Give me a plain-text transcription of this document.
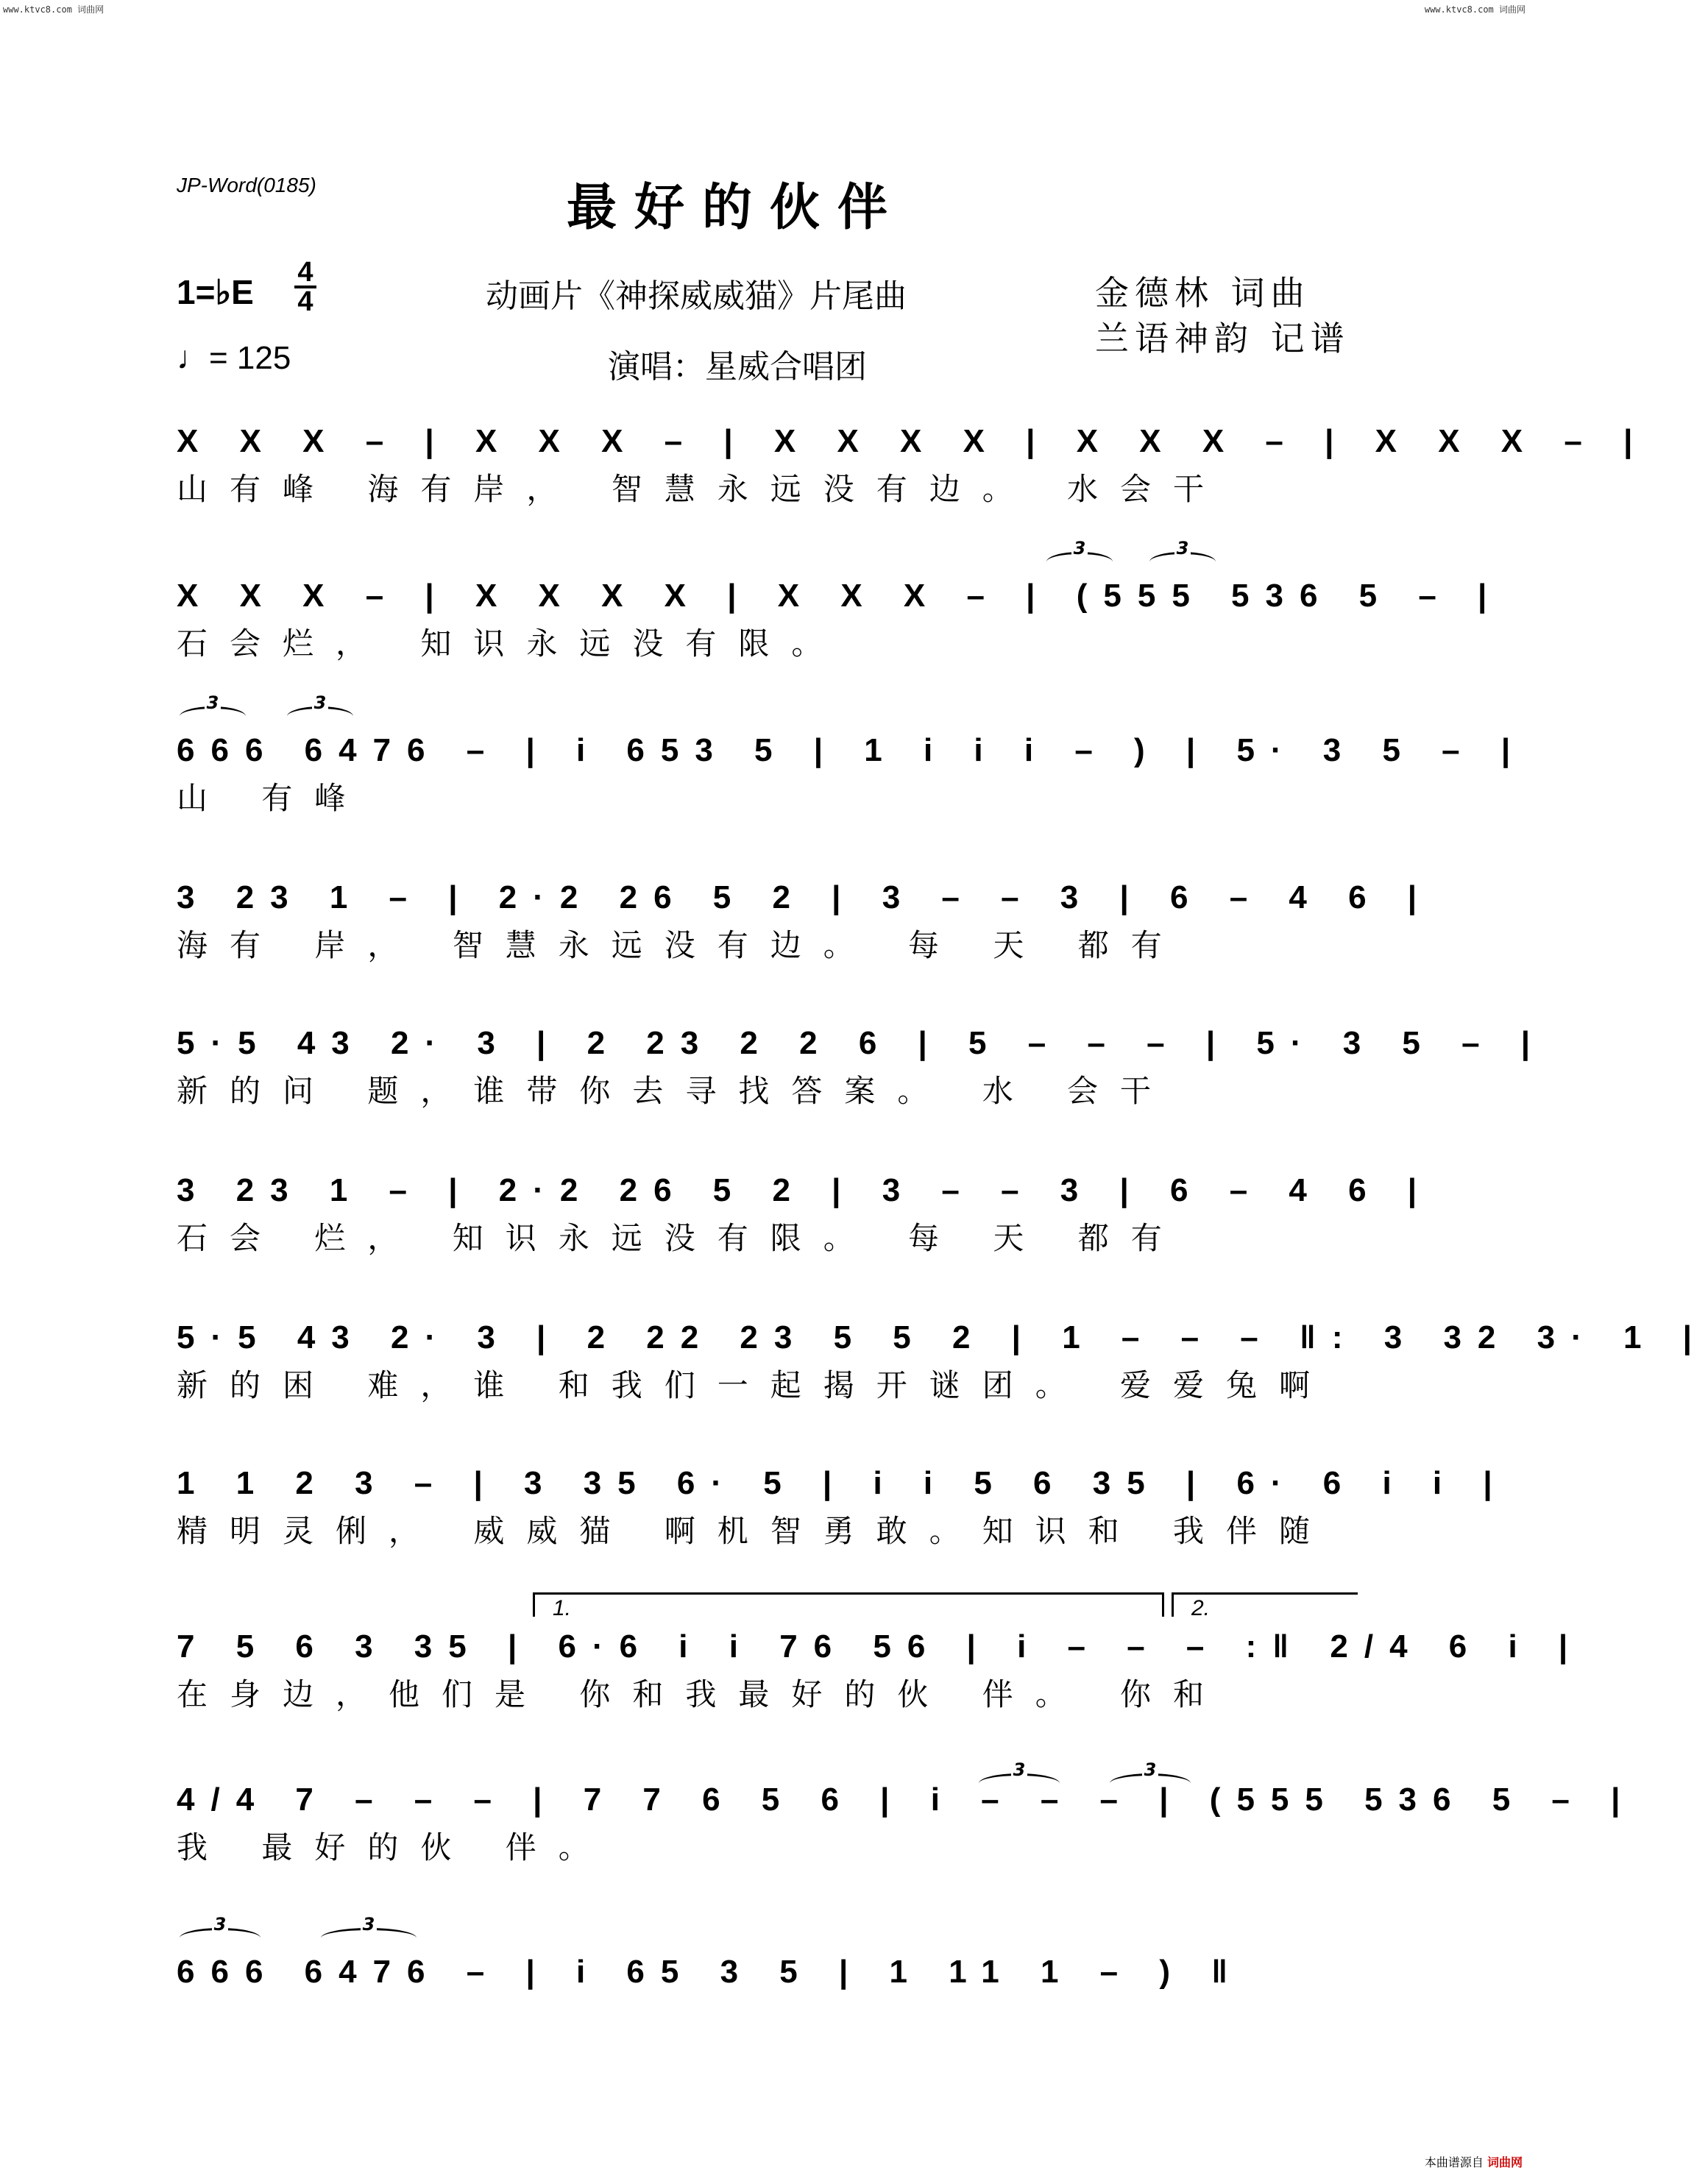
www.ktvc8.com 词曲网	www.ktvc8.com 词曲网
JP-Word(0185)	最好的伙伴
1=♭E
4
4	动画片《神探威威猫》片尾曲	金德林 词曲
兰语神韵 记谱
♩= 125	演唱：星威合唱团
X X X – | X X X – | X X X X | X X X – | X X X – |
山有峰 海有岸， 智慧永远没有边。 水会干
X X X – | X X X X | X X X – | (555 536 5 – |
石会烂， 知识永远没有限。
666 6476 – | i 653 5 | 1 i i i – ) | 5· 3 5 – |
山 有峰
3 23 1 – | 2·2 26 5 2 | 3 – – 3 | 6 – 4 6 |
海有 岸， 智慧永远没有边。 每 天 都有
5·5 43 2· 3 | 2 23 2 2 6 | 5 – – – | 5· 3 5 – |
新的问 题，谁带你去寻找答案。 水 会干
3 23 1 – | 2·2 26 5 2 | 3 – – 3 | 6 – 4 6 |
石会 烂， 知识永远没有限。 每 天 都有
5·5 43 2· 3 | 2 22 23 5 5 2 | 1 – – – ‖: 3 32 3· 1 |
新的困 难，谁 和我们一起揭开谜团。 爱爱兔啊
1 1 2 3 – | 3 35 6· 5 | i i 5 6 35 | 6· 6 i i |
精明灵俐， 威威猫 啊机智勇敢。知识和 我伴随
1.	2.
7 5 6 3 35 | 6·6 i i 76 56 | i – – – :‖ 2/4 6 i |
在身边，他们是 你和我最好的伙 伴。 你和
4/4 7 – – – | 7 7 6 5 6 | i – – – | (555 536 5 – |
我 最好的伙 伴。
666 6476 – | i 65 3 5 | 1 11 1 – ) ‖
3	3
3	3
3	3
3	3
本曲谱源自 词曲网
